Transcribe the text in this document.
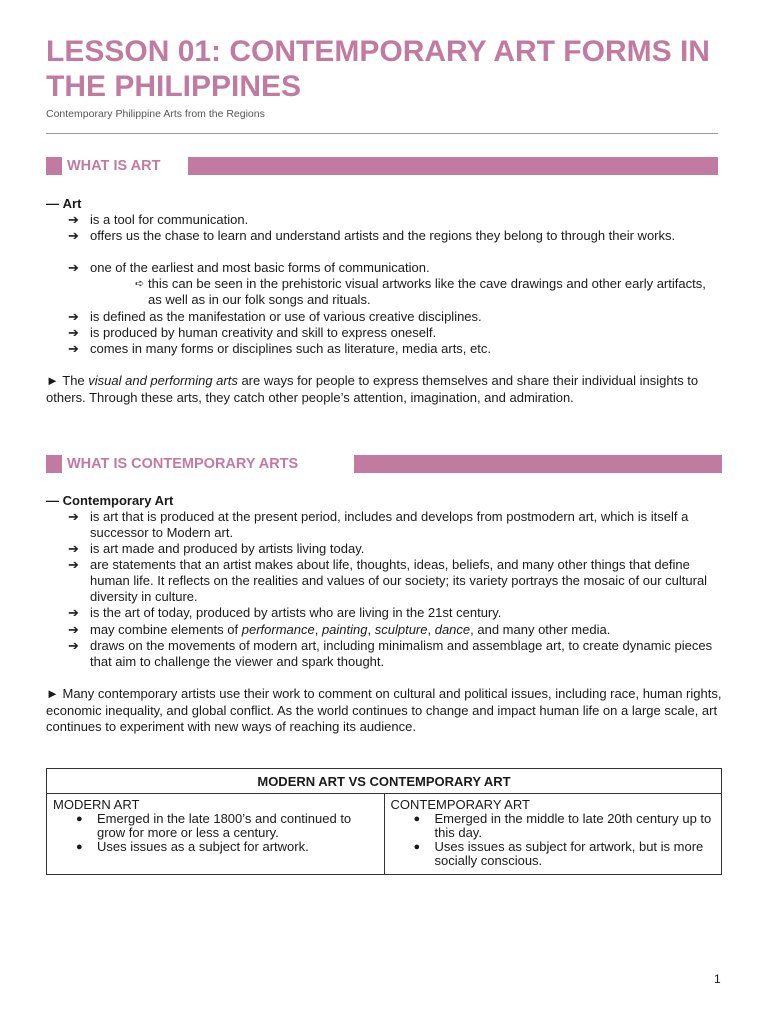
LESSON 01: CONTEMPORARY ART FORMS IN THE PHILIPPINES
Contemporary Philippine Arts from the Regions
WHAT IS ART
— Art
➔ is a tool for communication.
➔ offers us the chase to learn and understand artists and the regions they belong to through their works.
➔ one of the earliest and most basic forms of communication.
➪ this can be seen in the prehistoric visual artworks like the cave drawings and other early artifacts, as well as in our folk songs and rituals.
➔ is defined as the manifestation or use of various creative disciplines.
➔ is produced by human creativity and skill to express oneself.
➔ comes in many forms or disciplines such as literature, media arts, etc.

► The visual and performing arts are ways for people to express themselves and share their individual insights to others. Through these arts, they catch other people’s attention, imagination, and admiration.

WHAT IS CONTEMPORARY ARTS
— Contemporary Art
➔ is art that is produced at the present period, includes and develops from postmodern art, which is itself a successor to Modern art.
➔ is art made and produced by artists living today.
➔ are statements that an artist makes about life, thoughts, ideas, beliefs, and many other things that define human life. It reflects on the realities and values of our society; its variety portrays the mosaic of our cultural diversity in culture.
➔ is the art of today, produced by artists who are living in the 21st century.
➔ may combine elements of performance, painting, sculpture, dance, and many other media.
➔ draws on the movements of modern art, including minimalism and assemblage art, to create dynamic pieces that aim to challenge the viewer and spark thought.

► Many contemporary artists use their work to comment on cultural and political issues, including race, human rights, economic inequality, and global conflict. As the world continues to change and impact human life on a large scale, art continues to experiment with new ways of reaching its audience.

MODERN ART VS CONTEMPORARY ART

MODERN ART
● Emerged in the late 1800’s and continued to grow for more or less a century.
● Uses issues as a subject for artwork.

CONTEMPORARY ART
● Emerged in the middle to late 20th century up to this day.
● Uses issues as subject for artwork, but is more socially conscious.
1
